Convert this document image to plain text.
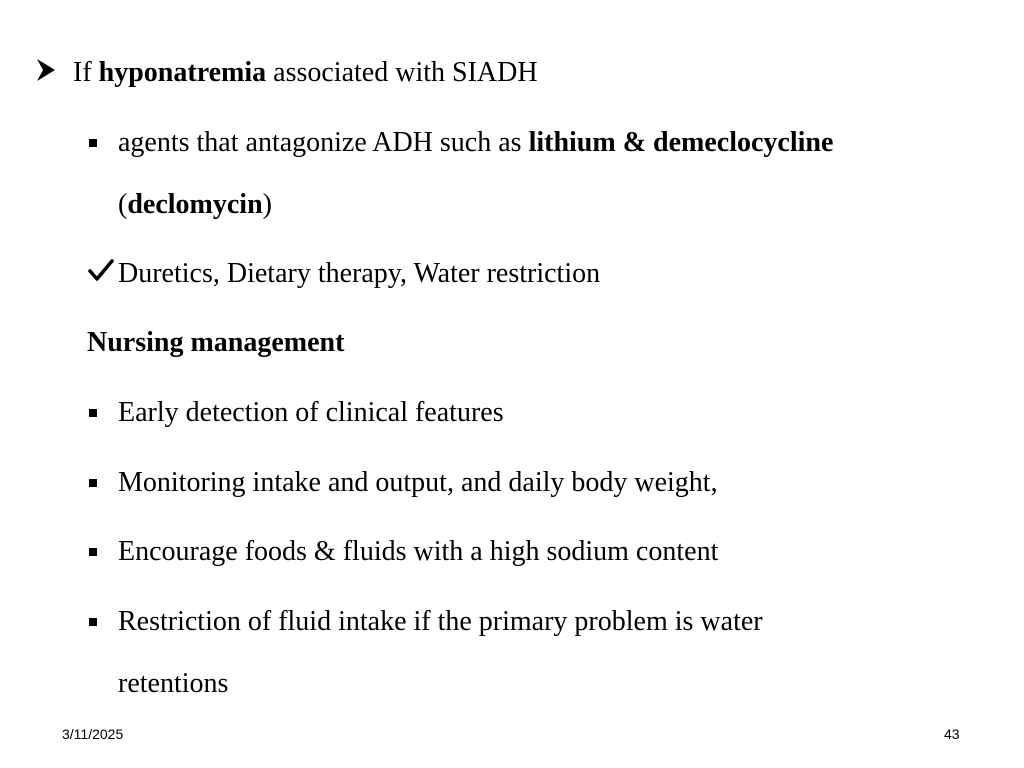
If hyponatremia associated with SIADH
agents that antagonize ADH such as lithium & demeclocycline
(declomycin)
Duretics, Dietary therapy, Water restriction
Nursing management
Early detection of clinical features
Monitoring intake and output, and daily body weight,
Encourage foods & fluids with a high sodium content
Restriction of fluid intake if the primary problem is water
retentions
3/11/2025	43
